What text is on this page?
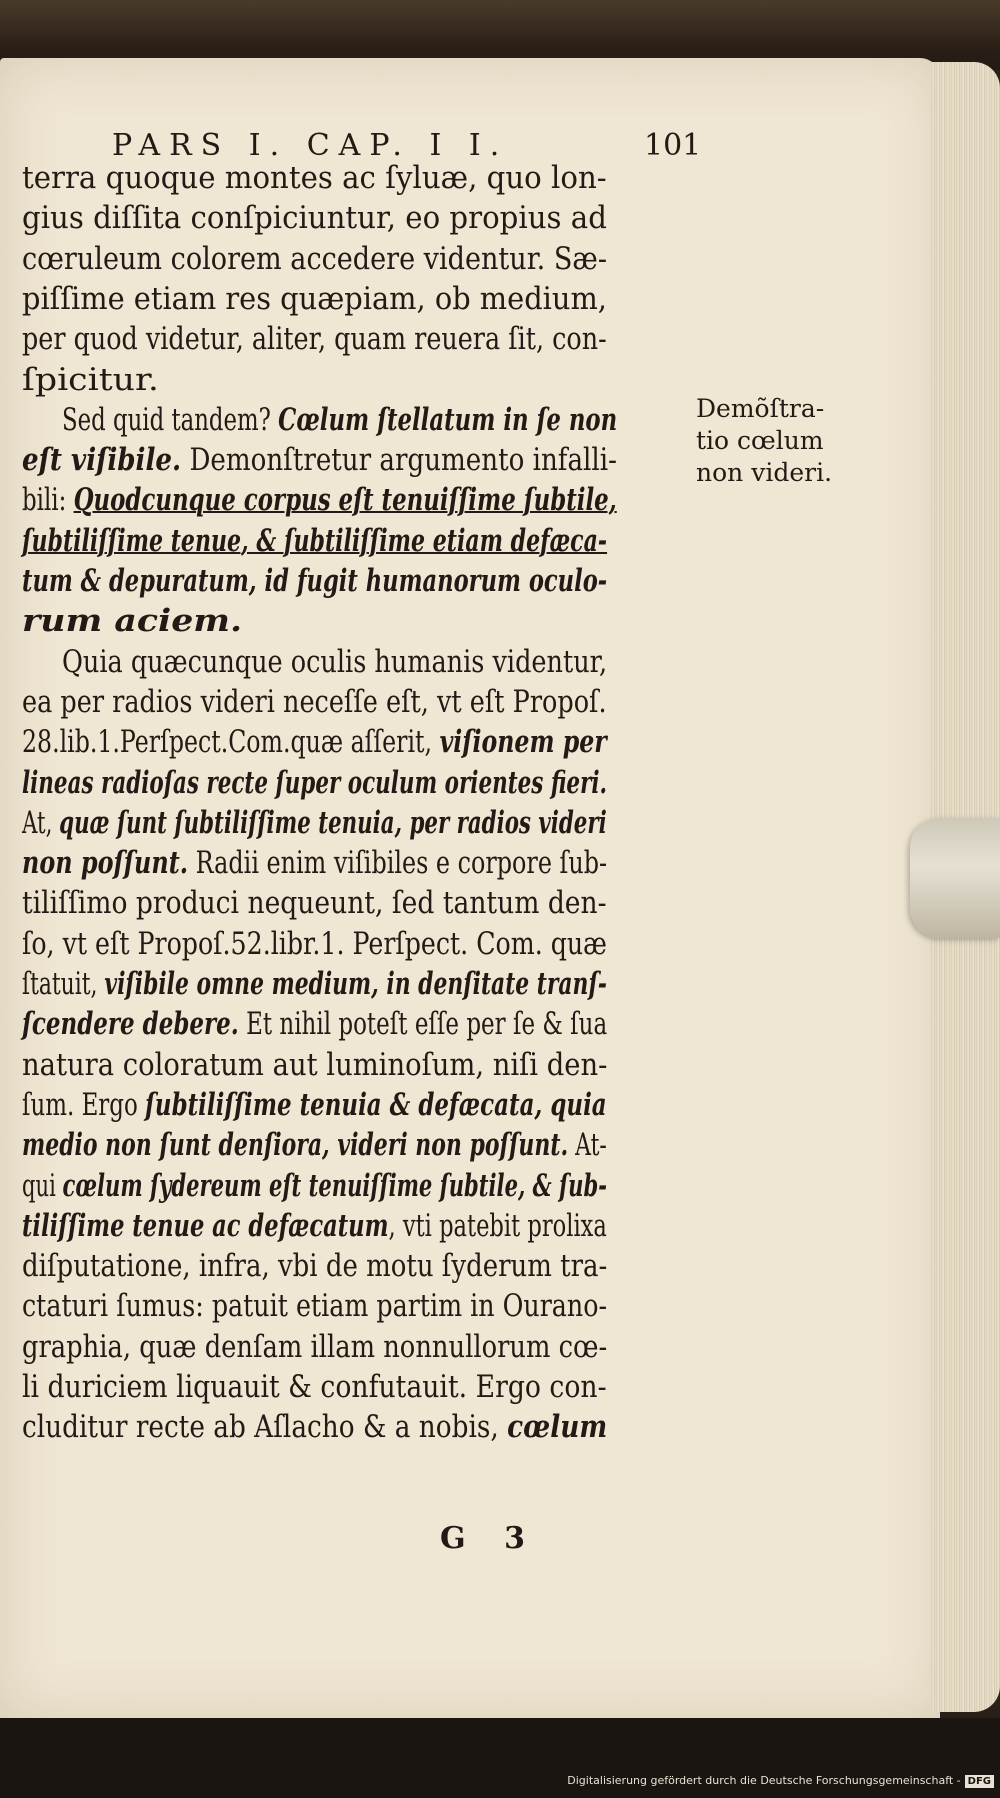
PARS I. CAP. I I.	101
terra quoque montes ac ſyluæ, quo lon-
gius diſſita conſpiciuntur, eo propius ad
cœruleum colorem accedere videntur. Sæ-
piſſime etiam res quæpiam, ob medium,
per quod videtur, aliter, quam reuera ſit, con-
ſpicitur.
Sed quid tandem? Cœlum ſtellatum in ſe non
eſt viſibile. Demonſtretur argumento infalli-
bili: Quodcunque corpus eſt tenuiſſime ſubtile,
ſubtiliſſime tenue, & ſubtiliſſime etiam defæca-
tum & depuratum, id fugit humanorum oculo-
rum aciem.
Quia quæcunque oculis humanis videntur,
ea per radios videri neceſſe eſt, vt eſt Propoſ.
28.lib.1.Perſpect.Com.quæ aſſerit, viſionem per
lineas radioſas recte ſuper oculum orientes fieri.
At, quæ ſunt ſubtiliſſime tenuia, per radios videri
non poſſunt. Radii enim viſibiles e corpore ſub-
tiliſſimo produci nequeunt, ſed tantum den-
ſo, vt eſt Propoſ.52.libr.1. Perſpect. Com. quæ
ſtatuit, viſibile omne medium, in denſitate tranſ-
ſcendere debere. Et nihil poteſt eſſe per ſe & ſua
natura coloratum aut luminoſum, niſi den-
ſum. Ergo ſubtiliſſime tenuia & defæcata, quia
medio non ſunt denſiora, videri non poſſunt. At-
qui cœlum ſydereum eſt tenuiſſime ſubtile, & ſub-
tiliſſime tenue ac defæcatum, vti patebit prolixa
diſputatione, infra, vbi de motu ſyderum tra-
ctaturi ſumus: patuit etiam partim in Ourano-
graphia, quæ denſam illam nonnullorum cœ-
li duriciem liquauit & confutauit. Ergo con-
cluditur recte ab Aſlacho & a nobis, cœlum
Demõſtra-
tio cœlum
non videri.
G 3
Digitalisierung gefördert durch die Deutsche Forschungsgemeinschaft - DFG
